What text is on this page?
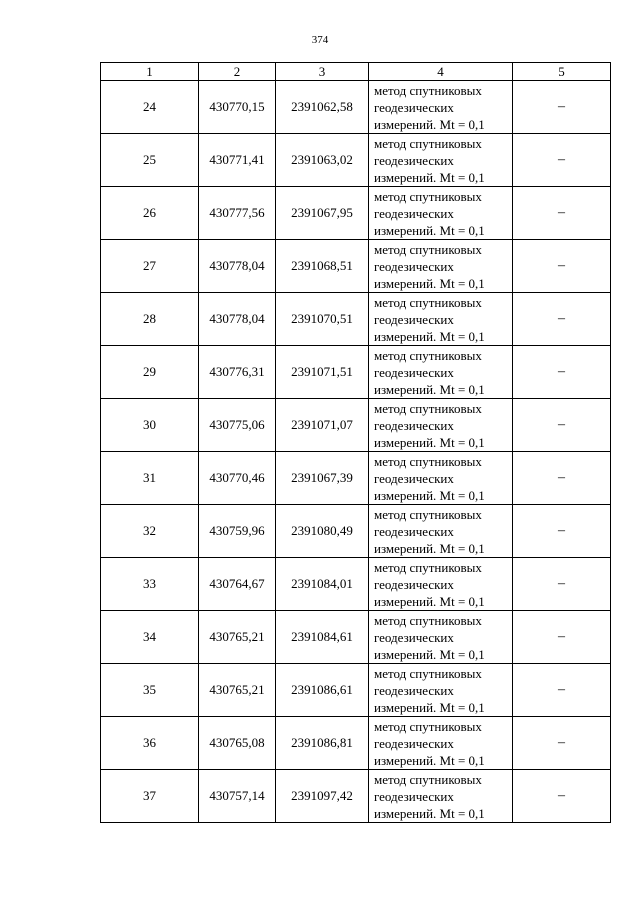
374
1	2	3	4	5
24	430770,15	2391062,58	метод спутниковых
геодезических
измерений. Mt = 0,1	–
25	430771,41	2391063,02	метод спутниковых
геодезических
измерений. Mt = 0,1	–
26	430777,56	2391067,95	метод спутниковых
геодезических
измерений. Mt = 0,1	–
27	430778,04	2391068,51	метод спутниковых
геодезических
измерений. Mt = 0,1	–
28	430778,04	2391070,51	метод спутниковых
геодезических
измерений. Mt = 0,1	–
29	430776,31	2391071,51	метод спутниковых
геодезических
измерений. Mt = 0,1	–
30	430775,06	2391071,07	метод спутниковых
геодезических
измерений. Mt = 0,1	–
31	430770,46	2391067,39	метод спутниковых
геодезических
измерений. Mt = 0,1	–
32	430759,96	2391080,49	метод спутниковых
геодезических
измерений. Mt = 0,1	–
33	430764,67	2391084,01	метод спутниковых
геодезических
измерений. Mt = 0,1	–
34	430765,21	2391084,61	метод спутниковых
геодезических
измерений. Mt = 0,1	–
35	430765,21	2391086,61	метод спутниковых
геодезических
измерений. Mt = 0,1	–
36	430765,08	2391086,81	метод спутниковых
геодезических
измерений. Mt = 0,1	–
37	430757,14	2391097,42	метод спутниковых
геодезических
измерений. Mt = 0,1	–
